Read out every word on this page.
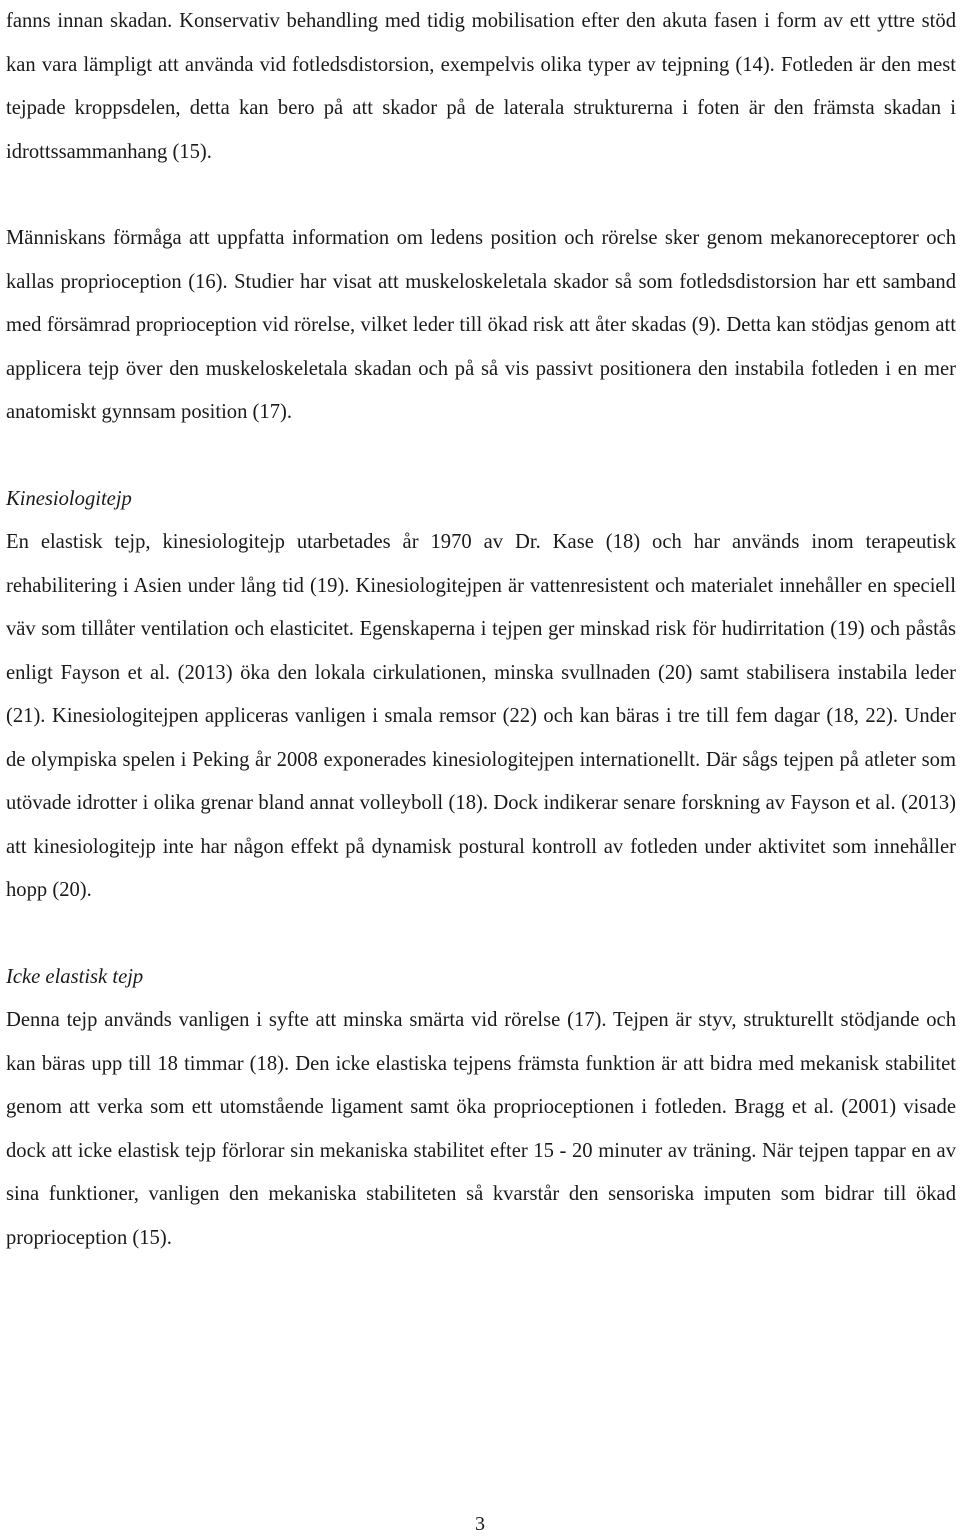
fanns innan skadan. Konservativ behandling med tidig mobilisation efter den akuta fasen i form av ett yttre stöd kan vara lämpligt att använda vid fotledsdistorsion, exempelvis olika typer av tejpning (14). Fotleden är den mest tejpade kroppsdelen, detta kan bero på att skador på de laterala strukturerna i foten är den främsta skadan i idrottssammanhang (15).

Människans förmåga att uppfatta information om ledens position och rörelse sker genom mekanoreceptorer och kallas proprioception (16). Studier har visat att muskeloskeletala skador så som fotledsdistorsion har ett samband med försämrad proprioception vid rörelse, vilket leder till ökad risk att åter skadas (9). Detta kan stödjas genom att applicera tejp över den muskeloskeletala skadan och på så vis passivt positionera den instabila fotleden i en mer anatomiskt gynnsam position (17).

Kinesiologitejp

En elastisk tejp, kinesiologitejp utarbetades år 1970 av Dr. Kase (18) och har används inom terapeutisk rehabilitering i Asien under lång tid (19). Kinesiologitejpen är vattenresistent och materialet innehåller en speciell väv som tillåter ventilation och elasticitet. Egenskaperna i tejpen ger minskad risk för hudirritation (19) och påstås enligt Fayson et al. (2013) öka den lokala cirkulationen, minska svullnaden (20) samt stabilisera instabila leder (21). Kinesiologitejpen appliceras vanligen i smala remsor (22) och kan bäras i tre till fem dagar (18, 22). Under de olympiska spelen i Peking år 2008 exponerades kinesiologitejpen internationellt. Där sågs tejpen på atleter som utövade idrotter i olika grenar bland annat volleyboll (18). Dock indikerar senare forskning av Fayson et al. (2013) att kinesiologitejp inte har någon effekt på dynamisk postural kontroll av fotleden under aktivitet som innehåller hopp (20).

Icke elastisk tejp

Denna tejp används vanligen i syfte att minska smärta vid rörelse (17). Tejpen är styv, strukturellt stödjande och kan bäras upp till 18 timmar (18). Den icke elastiska tejpens främsta funktion är att bidra med mekanisk stabilitet genom att verka som ett utomstående ligament samt öka proprioceptionen i fotleden. Bragg et al. (2001) visade dock att icke elastisk tejp förlorar sin mekaniska stabilitet efter 15 - 20 minuter av träning. När tejpen tappar en av sina funktioner, vanligen den mekaniska stabiliteten så kvarstår den sensoriska imputen som bidrar till ökad proprioception (15).

3
